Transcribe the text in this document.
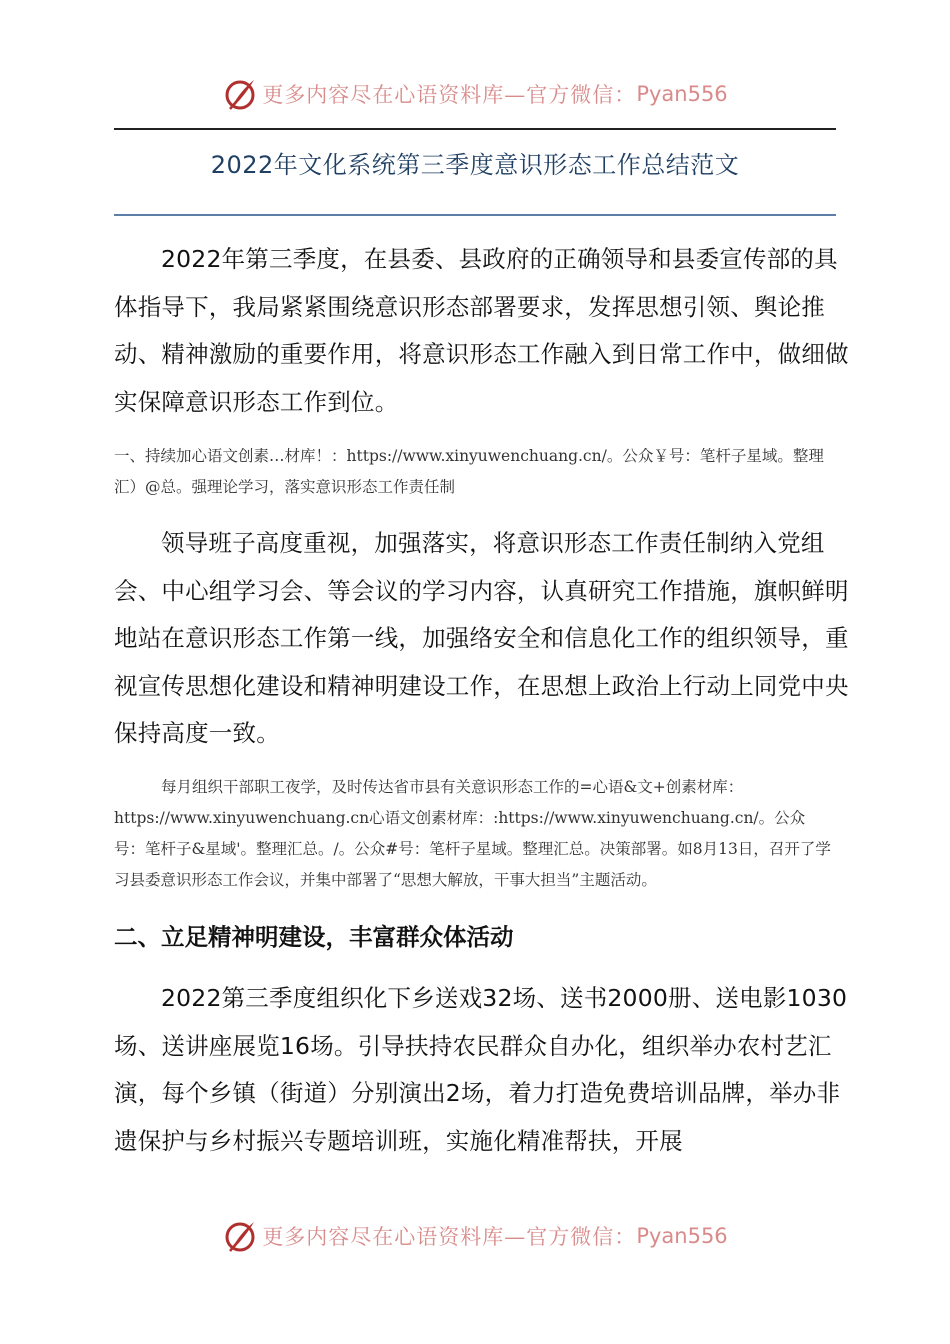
更多内容尽在心语资料库—官方微信： Pyan556
2022年文化系统第三季度意识形态工作总结范文

2022年第三季度，在县委、县政府的正确领导和县委宣传部的具体指导下，我局紧紧围绕意识形态部署要求，发挥思想引领、舆论推动、精神激励的重要作用，将意识形态工作融入到日常工作中，做细做实保障意识形态工作到位。

一、持续加心语文创素…材库！：https://www.xinyuwenchuang.cn/。公众￥号：笔杆子星域。整理汇）@总。强理论学习，落实意识形态工作责任制

领导班子高度重视，加强落实，将意识形态工作责任制纳入党组会、中心组学习会、等会议的学习内容，认真研究工作措施，旗帜鲜明地站在意识形态工作第一线，加强络安全和信息化工作的组织领导，重视宣传思想化建设和精神明建设工作，在思想上政治上行动上同党中央保持高度一致。

每月组织干部职工夜学，及时传达省市县有关意识形态工作的=心语&文+创素材库：https://www.xinyuwenchuang.cn心语文创素材库：:https://www.xinyuwenchuang.cn/。公众号：笔杆子&星域'。整理汇总。/。公众#号：笔杆子星域。整理汇总。决策部署。如8月13日，召开了学习县委意识形态工作会议，并集中部署了“思想大解放，干事大担当”主题活动。

二、立足精神明建设，丰富群众体活动

2022第三季度组织化下乡送戏32场、送书2000册、送电影1030场、送讲座展览16场。引导扶持农民群众自办化，组织举办农村艺汇演，每个乡镇（街道）分别演出2场，着力打造免费培训品牌，举办非遗保护与乡村振兴专题培训班，实施化精准帮扶，开展

更多内容尽在心语资料库—官方微信： Pyan556
